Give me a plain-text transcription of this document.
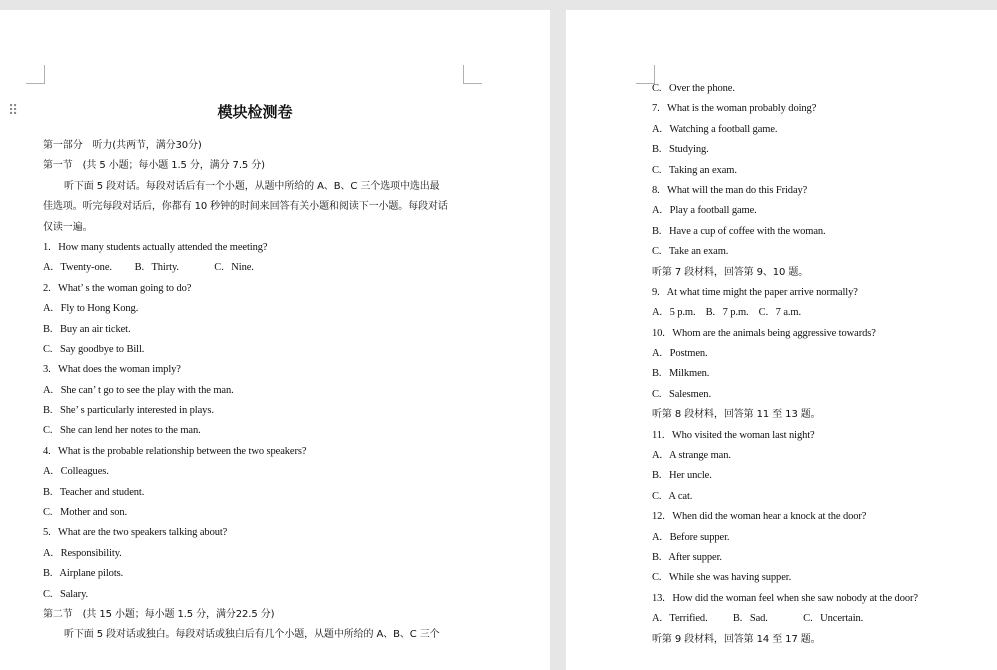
⠿	模块检测卷
第一部分　听力(共两节，满分30分)
第一节　(共 5 小题；每小题 1.5 分，满分 7.5 分)
听下面 5 段对话。每段对话后有一个小题，从题中所给的 A、B、C 三个选项中选出最
佳选项。听完每段对话后，你都有 10 秒钟的时间来回答有关小题和阅读下一小题。每段对话
仅读一遍。
1.   How many students actually attended the meeting?
A.   Twenty-one.         B.   Thirty.              C.   Nine.
2.   What’ s the woman going to do?
A.   Fly to Hong Kong.
B.   Buy an air ticket.
C.   Say goodbye to Bill.
3.   What does the woman imply?
A.   She can’ t go to see the play with the man.
B.   She’ s particularly interested in plays.
C.   She can lend her notes to the man.
4.   What is the probable relationship between the two speakers?
A.   Colleagues.
B.   Teacher and student.
C.   Mother and son.
5.   What are the two speakers talking about?
A.   Responsibility.
B.   Airplane pilots.
C.   Salary.
第二节　(共 15 小题；每小题 1.5 分，满分22.5 分)
听下面 5 段对话或独白。每段对话或独白后有几个小题，从题中所给的 A、B、C 三个
C.   Over the phone.
7.   What is the woman probably doing?
A.   Watching a football game.
B.   Studying.
C.   Taking an exam.
8.   What will the man do this Friday?
A.   Play a football game.
B.   Have a cup of coffee with the woman.
C.   Take an exam.
听第 7 段材料，回答第 9、10 题。
9.   At what time might the paper arrive normally?
A.   5 p.m.    B.   7 p.m.    C.   7 a.m.
10.   Whom are the animals being aggressive towards?
A.   Postmen.
B.   Milkmen.
C.   Salesmen.
听第 8 段材料，回答第 11 至 13 题。
11.   Who visited the woman last night?
A.   A strange man.
B.   Her uncle.
C.   A cat.
12.   When did the woman hear a knock at the door?
A.   Before supper.
B.   After supper.
C.   While she was having supper.
13.   How did the woman feel when she saw nobody at the door?
A.   Terrified.          B.   Sad.              C.   Uncertain.
听第 9 段材料，回答第 14 至 17 题。
